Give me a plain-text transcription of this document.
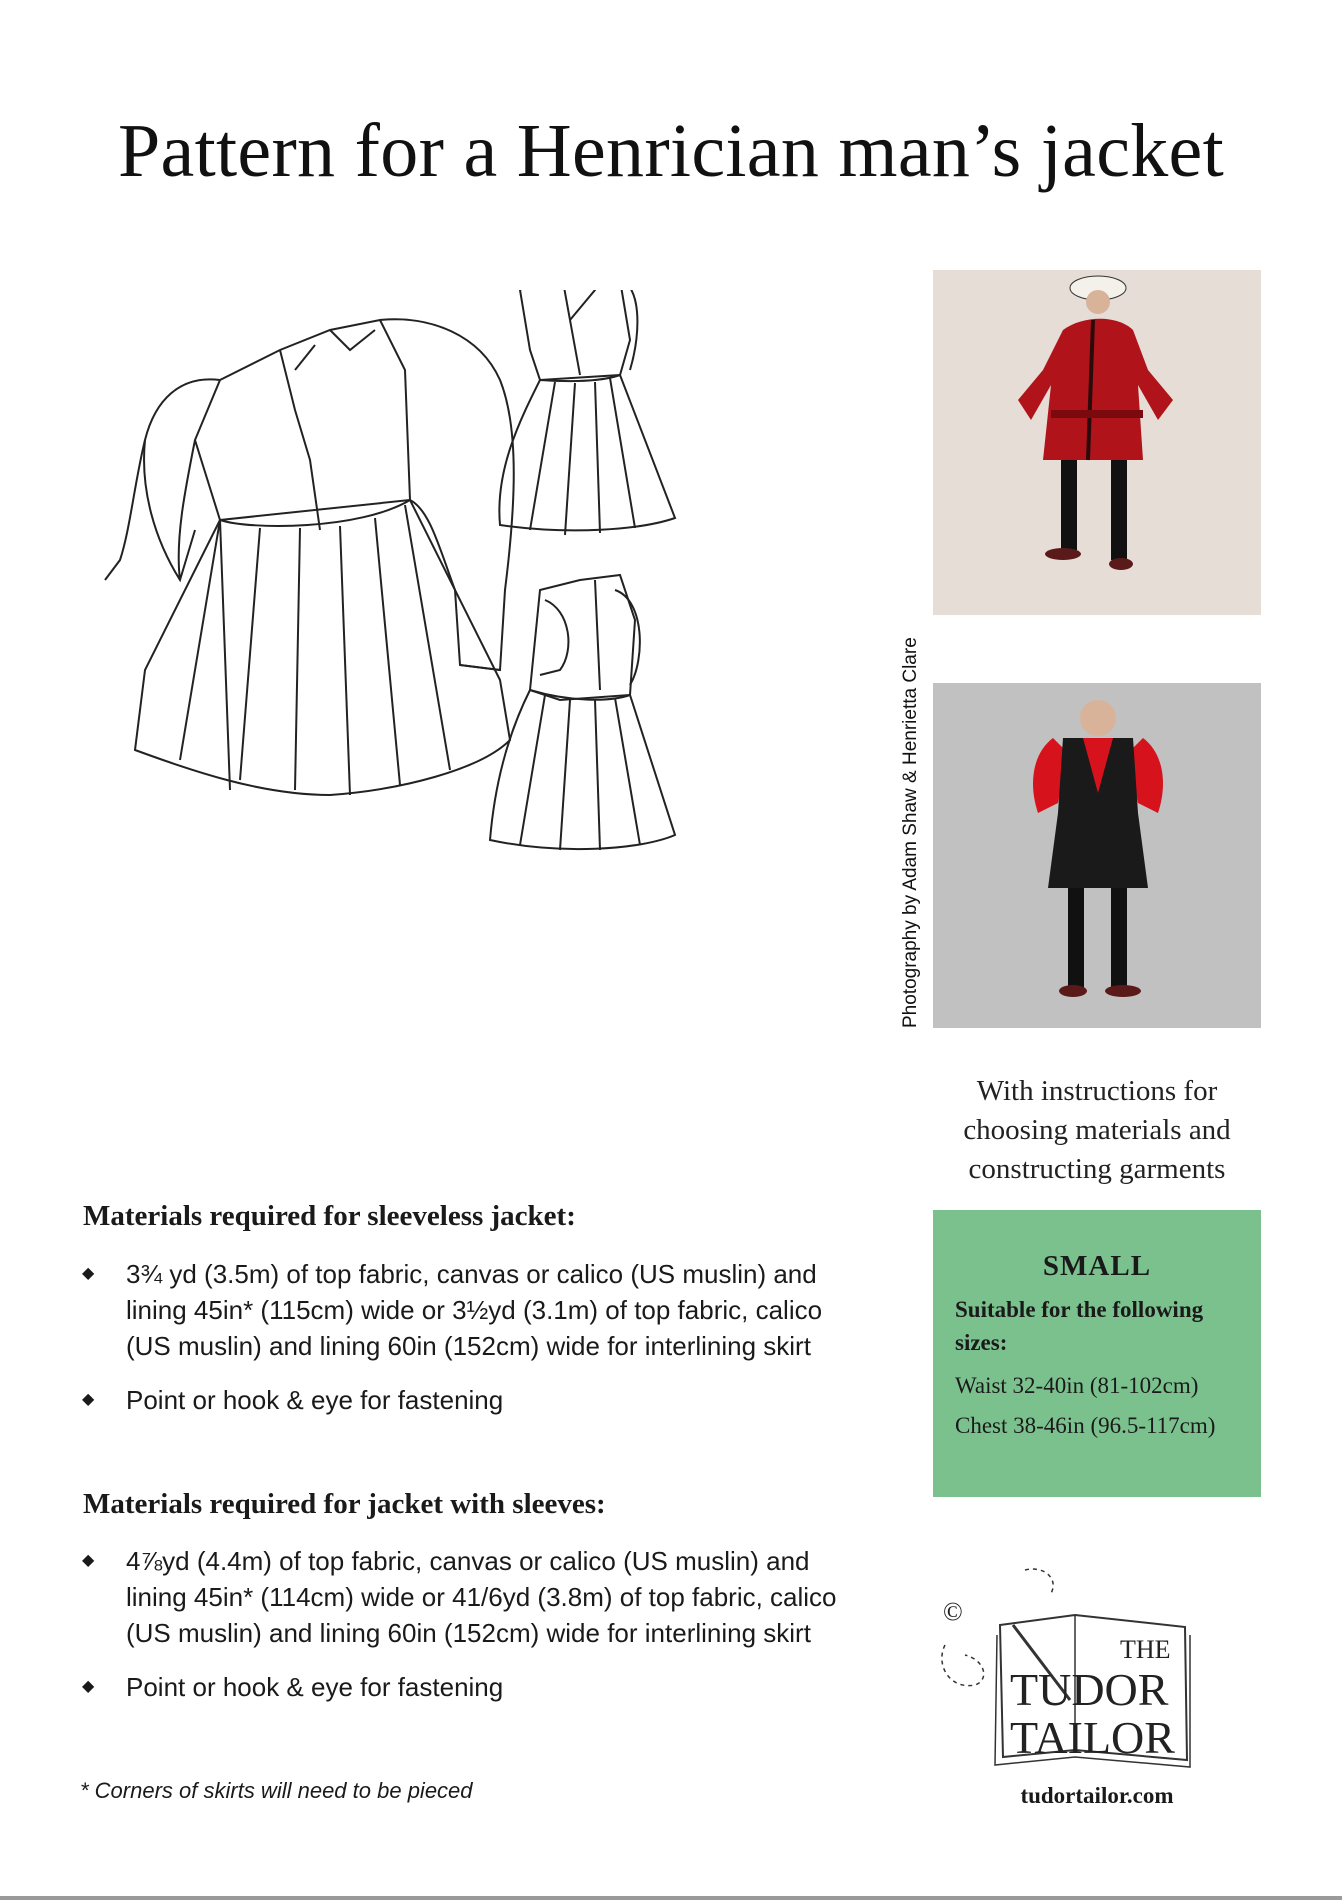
Pattern for a Henrician man’s jacket
Photography by Adam Shaw & Henrietta Clare
With instructions for
choosing materials and
constructing garments
SMALL
Suitable for the following sizes:
Waist 32-40in (81-102cm)
Chest 38-46in (96.5-117cm)
©
THE
TUDOR
TAILOR
tudortailor.com
Materials required for sleeveless jacket:
◆ 3¾ yd (3.5m) of top fabric, canvas or calico (US muslin) and lining 45in* (115cm) wide or 3½yd (3.1m) of top fabric, calico (US muslin) and lining 60in (152cm) wide for interlining skirt
◆ Point or hook & eye for fastening
Materials required for jacket with sleeves:
◆ 4⅞yd (4.4m) of top fabric, canvas or calico (US muslin) and lining 45in* (114cm) wide or 41/6yd (3.8m) of top fabric, calico (US muslin) and lining 60in (152cm) wide for interlining skirt
◆ Point or hook & eye for fastening
* Corners of skirts will need to be pieced
